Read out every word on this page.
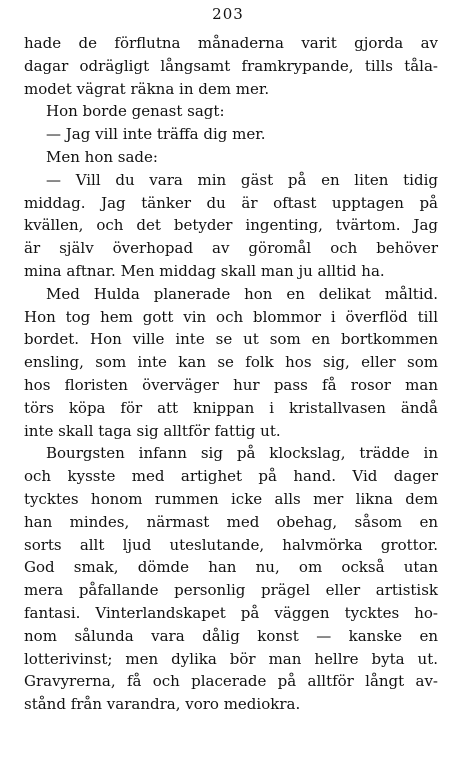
203
hade de förflutna månaderna varit gjorda av
dagar odrägligt långsamt framkrypande, tills tåla-
modet vägrat räkna in dem mer.
Hon borde genast sagt:
— Jag vill inte träffa dig mer.
Men hon sade:
— Vill du vara min gäst på en liten tidig
middag. Jag tänker du är oftast upptagen på
kvällen, och det betyder ingenting, tvärtom. Jag
är själv överhopad av göromål och behöver
mina aftnar. Men middag skall man ju alltid ha.
Med Hulda planerade hon en delikat måltid.
Hon tog hem gott vin och blommor i överflöd till
bordet. Hon ville inte se ut som en bortkommen
ensling, som inte kan se folk hos sig, eller som
hos floristen överväger hur pass få rosor man
törs köpa för att knippan i kristallvasen ändå
inte skall taga sig alltför fattig ut.
Bourgsten infann sig på klockslag, trädde in
och kysste med artighet på hand. Vid dager
tycktes honom rummen icke alls mer likna dem
han mindes, närmast med obehag, såsom en
sorts allt ljud uteslutande, halvmörka grottor.
God smak, dömde han nu, om också utan
mera påfallande personlig prägel eller artistisk
fantasi. Vinterlandskapet på väggen tycktes ho-
nom sålunda vara dålig konst — kanske en
lotterivinst; men dylika bör man hellre byta ut.
Gravyrerna, få och placerade på alltför långt av-
stånd från varandra, voro mediokra.
